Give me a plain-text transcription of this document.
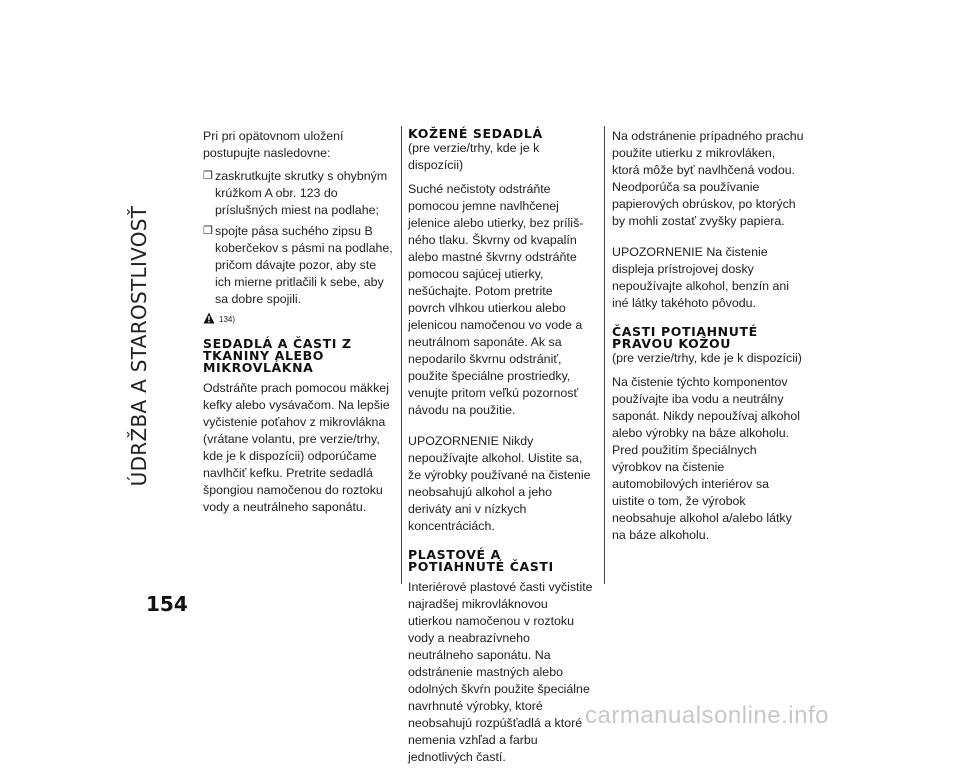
ÚDRŽBA A STAROSTLIVOSŤ

Pri pri opätovnom uložení postupujte nasledovne:

❐ zaskrutkujte skrutky s ohybným krúžkom A obr. 123 do príslušných miest na podlahe;
❐ spojte pása suchého zipsu B koberčekov s pásmi na podlahe, pričom dávajte pozor, aby ste ich mierne pritlačili k sebe, aby sa dobre spojili.
134)
SEDADLÁ A ČASTI Z TKANINY ALEBO MIKROVLÁKNA

Odstráňte prach pomocou mäkkej kefky alebo vysávačom. Na lepšie vyčistenie poťahov z mikrovlákna (vrátane volantu, pre verzie/trhy, kde je k dispozícii) odporúčame navlhčiť kefku. Pretrite sedadlá špongiou namočenou do roztoku vody a neutrálneho saponátu.

KOŽENÉ SEDADLÁ

(pre verzie/trhy, kde je k dispozícii)

Suché nečistoty odstráňte pomocou jemne navlhčenej jelenice alebo utierky, bez prílišného tlaku. Škvrny od kvapalín alebo mastné škvrny odstráňte pomocou sajúcej utierky, nešúchajte. Potom pretrite povrch vlhkou utierkou alebo jelenicou namočenou vo vode a neutrálnom saponáte. Ak sa nepodarilo škvrnu odstrániť, použite špeciálne prostriedky, venujte pritom veľkú pozornosť návodu na použitie.

UPOZORNENIE Nikdy nepoužívajte alkohol. Uistite sa, že výrobky používané na čistenie neobsahujú alkohol a jeho deriváty ani v nízkych koncentráciách.

PLASTOVÉ A POTIAHNUTÉ ČASTI

Interiérové plastové časti vyčistite najradšej mikrovláknovou utierkou namočenou v roztoku vody a neabrazívneho neutrálneho saponátu. Na odstránenie mastných alebo odolných škvŕn použite špeciálne navrhnuté výrobky, ktoré neobsahujú rozpúšťadlá a ktoré nemenia vzhľad a farbu jednotlivých častí.

Na odstránenie prípadného prachu použite utierku z mikrovláken, ktorá môže byť navlhčená vodou. Neodporúča sa používanie papierových obrúskov, po ktorých by mohli zostať zvyšky papiera.

UPOZORNENIE Na čistenie displeja prístrojovej dosky nepoužívajte alkohol, benzín ani iné látky takéhoto pôvodu.

ČASTI POTIAHNUTÉ PRAVOU KOŽOU

(pre verzie/trhy, kde je k dispozícii)

Na čistenie týchto komponentov používajte iba vodu a neutrálny saponát. Nikdy nepoužívaj alkohol alebo výrobky na báze alkoholu. Pred použitím špeciálnych výrobkov na čistenie automobilových interiérov sa uistite o tom, že výrobok neobsahuje alkohol a/alebo látky na báze alkoholu.

154
carmanualsonline.info
